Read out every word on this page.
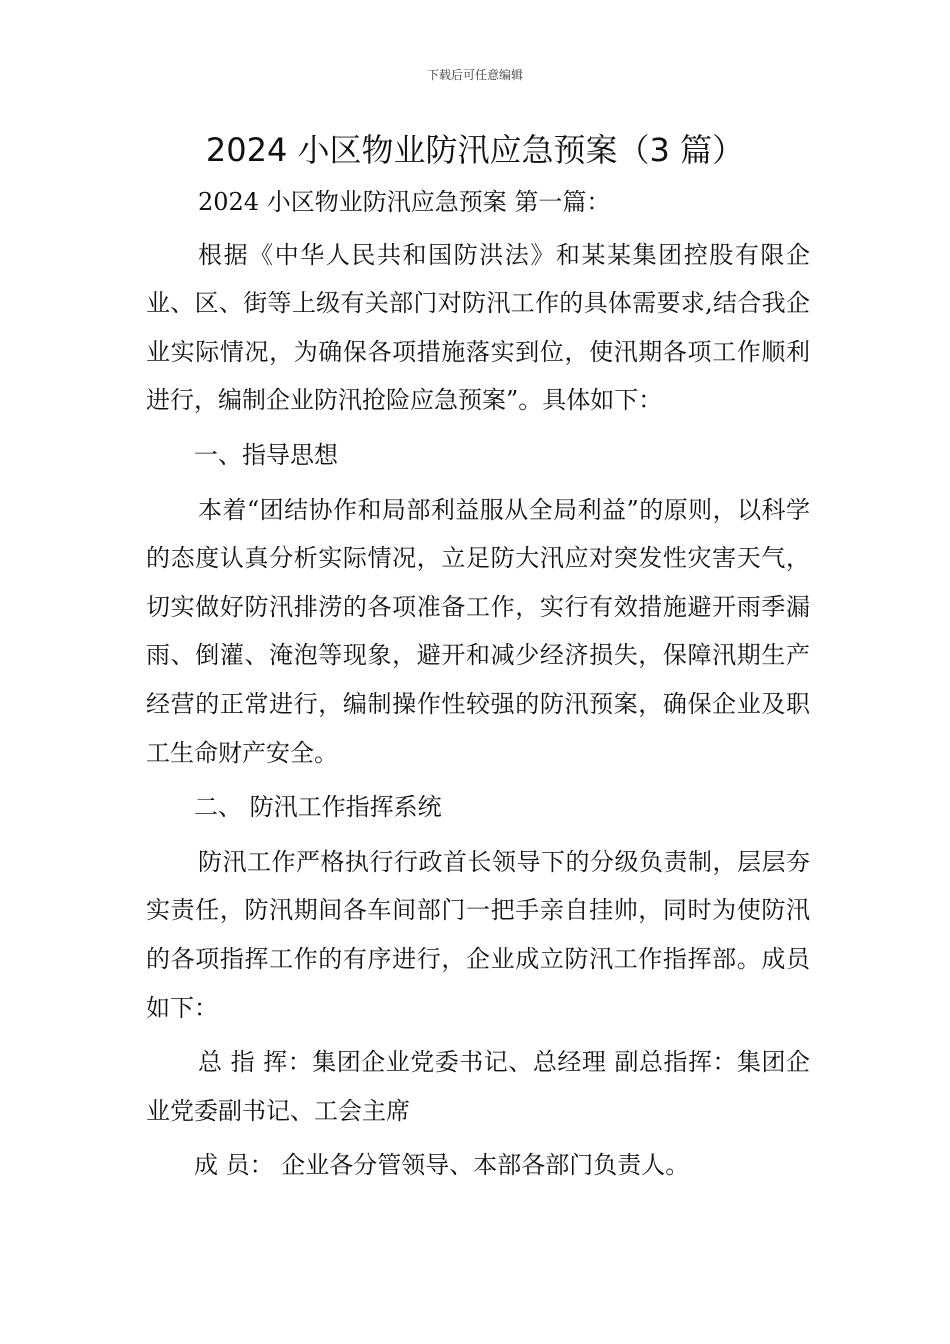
下载后可任意编辑
2024 小区物业防汛应急预案（3 篇）

2024 小区物业防汛应急预案 第一篇：

根据《中华人民共和国防洪法》和某某集团控股有限企业、区、街等上级有关部门对防汛工作的具体需要求,结合我企业实际情况，为确保各项措施落实到位，使汛期各项工作顺利进行，编制企业防汛抢险应急预案”。具体如下：

一、指导思想

本着“团结协作和局部利益服从全局利益”的原则，以科学的态度认真分析实际情况，立足防大汛应对突发性灾害天气，切实做好防汛排涝的各项准备工作，实行有效措施避开雨季漏雨、倒灌、淹泡等现象，避开和减少经济损失，保障汛期生产经营的正常进行，编制操作性较强的防汛预案，确保企业及职工生命财产安全。

二、 防汛工作指挥系统

防汛工作严格执行行政首长领导下的分级负责制，层层夯实责任，防汛期间各车间部门一把手亲自挂帅，同时为使防汛的各项指挥工作的有序进行，企业成立防汛工作指挥部。成员如下：

总 指 挥：集团企业党委书记、总经理 副总指挥：集团企业党委副书记、工会主席

成 员： 企业各分管领导、本部各部门负责人。
